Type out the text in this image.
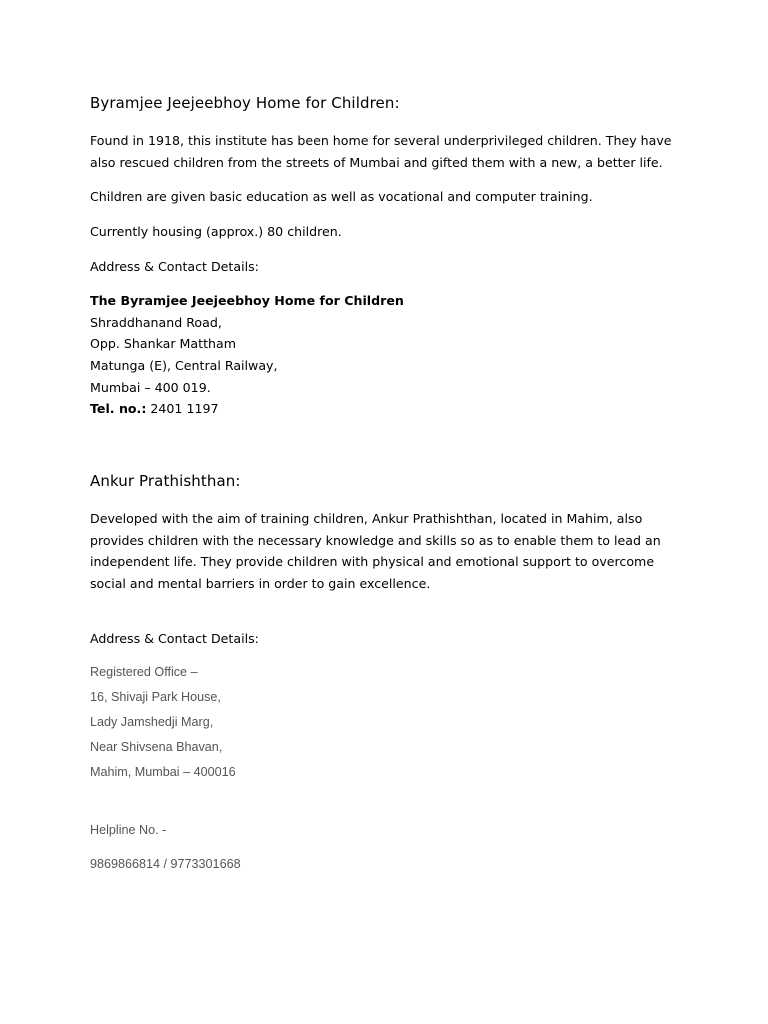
Byramjee Jeejeebhoy Home for Children:
Found in 1918, this institute has been home for several underprivileged children. They have also rescued children from the streets of Mumbai and gifted them with a new, a better life.
Children are given basic education as well as vocational and computer training.
Currently housing (approx.) 80 children.
Address & Contact Details:
The Byramjee Jeejeebhoy Home for Children
Shraddhanand Road,
Opp. Shankar Mattham
Matunga (E), Central Railway,
Mumbai – 400 019.
Tel. no.: 2401 1197
Ankur Prathishthan:
Developed with the aim of training children, Ankur Prathishthan, located in Mahim, also provides children with the necessary knowledge and skills so as to enable them to lead an independent life. They provide children with physical and emotional support to overcome social and mental barriers in order to gain excellence.
Address & Contact Details:
Registered Office –
16, Shivaji Park House,
Lady Jamshedji Marg,
Near Shivsena Bhavan,
Mahim, Mumbai – 400016
Helpline No. -
9869866814 / 9773301668
